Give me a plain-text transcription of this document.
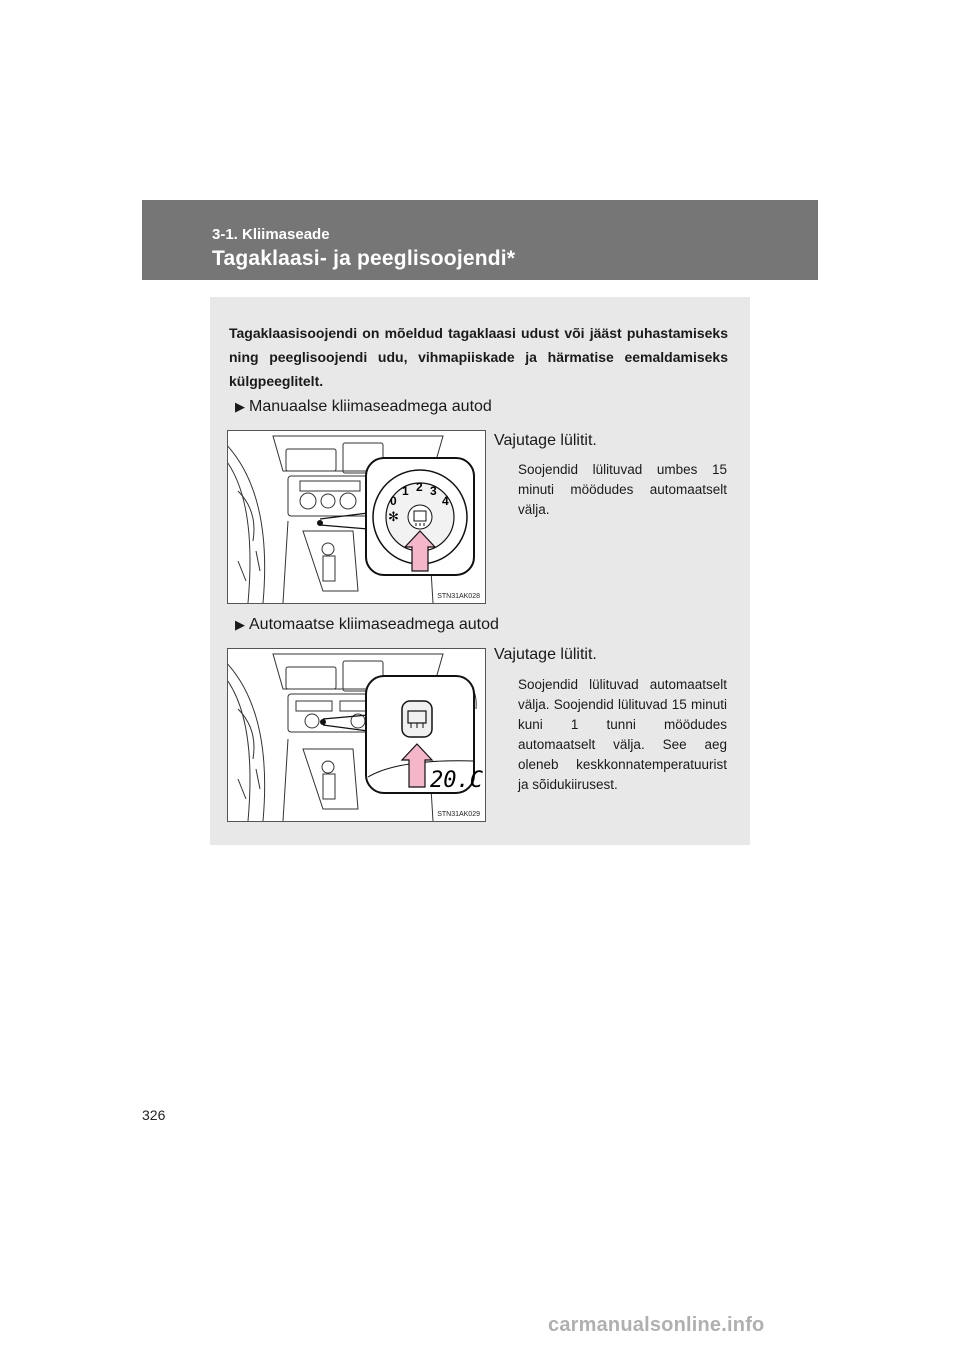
3-1. Kliimaseade
Tagaklaasi- ja peeglisoojendi*
Tagaklaasisoojendi on mõeldud tagaklaasi udust või jääst puhastamiseks ning peeglisoojendi udu, vihmapiiskade ja härmatise eemaldamiseks külgpeeglitelt.
▶ Manuaalse kliimaseadmega autod
0
1 2 3
4
✻
STN31AK028
Vajutage lülitit.
Soojendid lülituvad umbes 15 minuti möödudes automaatselt välja.
▶ Automaatse kliimaseadmega autod
20.C
STN31AK029
Vajutage lülitit.
Soojendid lülituvad automaatselt välja. Soojendid lülituvad 15 minuti kuni 1 tunni möödudes automaatselt välja. See aeg oleneb keskkonnatemperatuurist ja sõidukiirusest.
326
carmanualsonline.info
